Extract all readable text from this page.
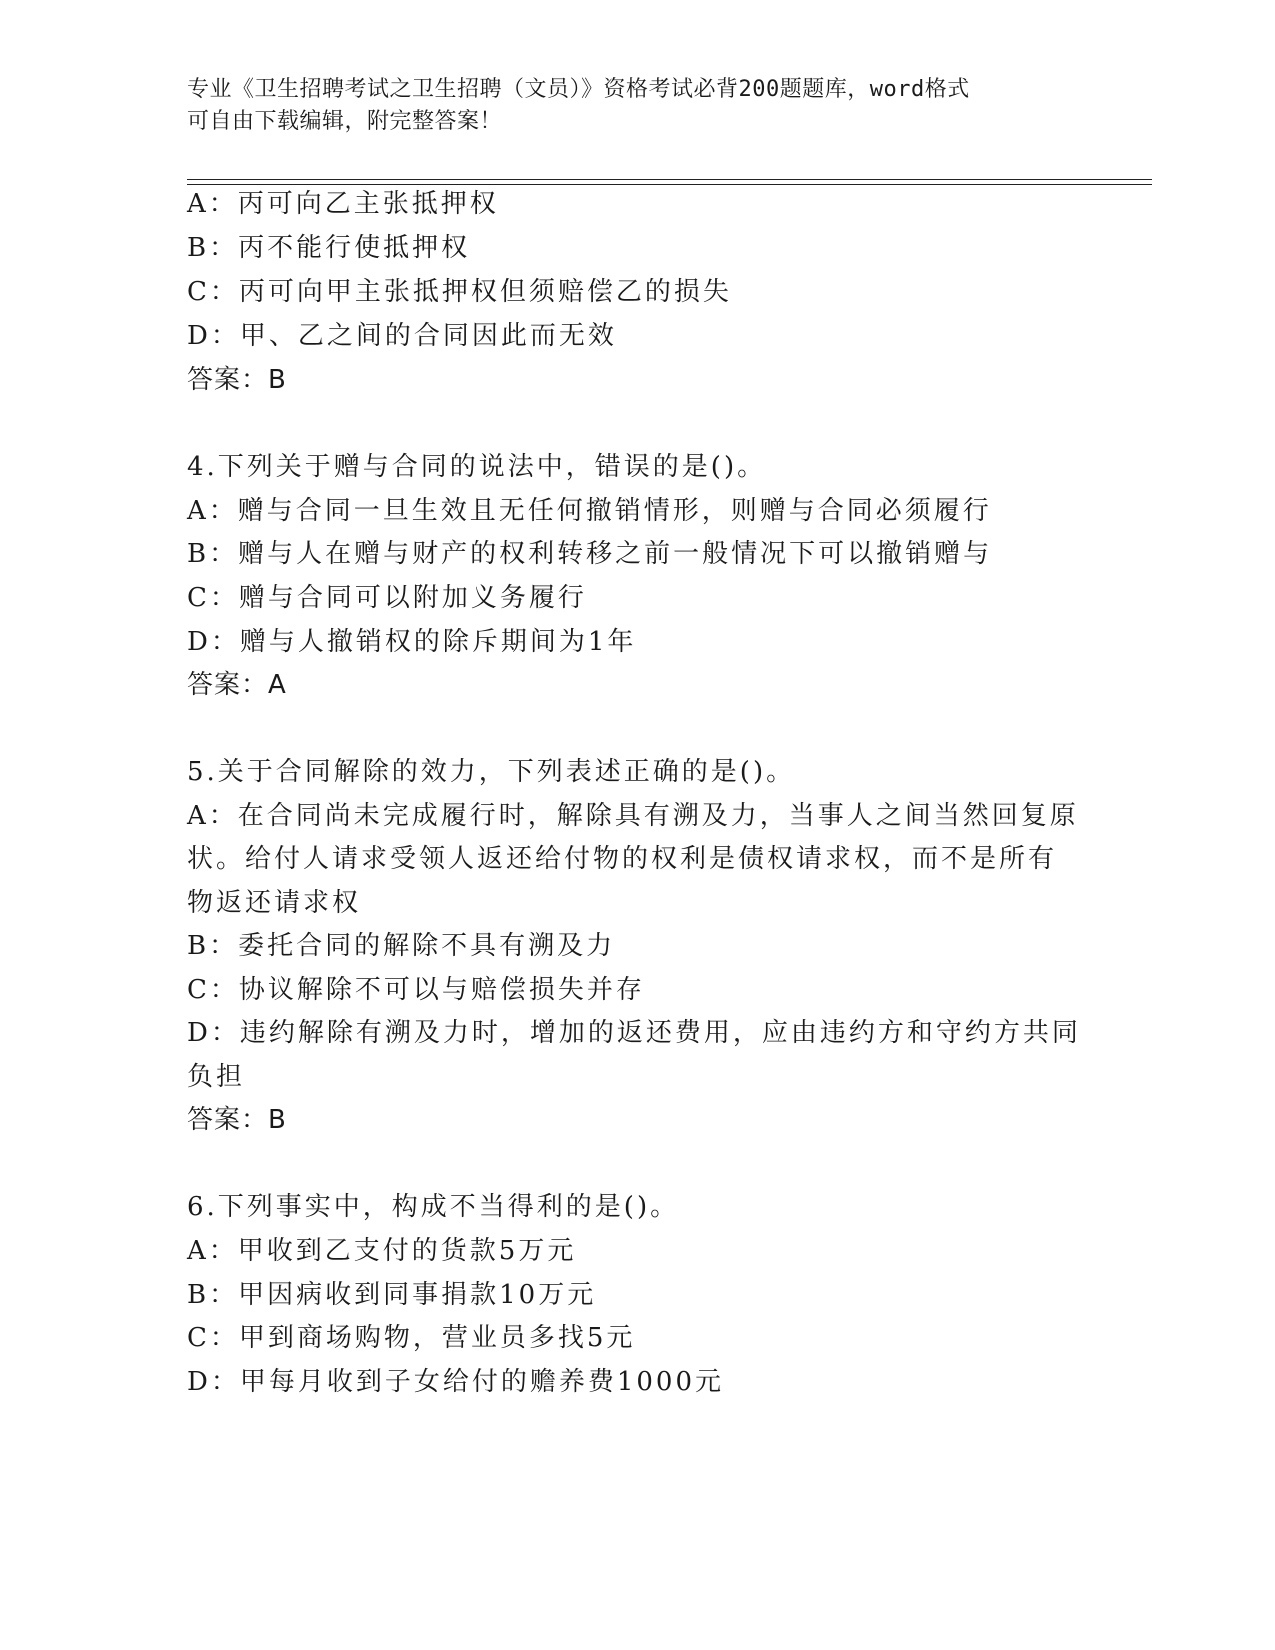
专业《卫生招聘考试之卫生招聘（文员）》资格考试必背200题题库，word格式
可自由下载编辑，附完整答案！
A：丙可向乙主张抵押权
B：丙不能行使抵押权
C：丙可向甲主张抵押权但须赔偿乙的损失
D：甲、乙之间的合同因此而无效
答案：B
4.下列关于赠与合同的说法中，错误的是()。
A：赠与合同一旦生效且无任何撤销情形，则赠与合同必须履行
B：赠与人在赠与财产的权利转移之前一般情况下可以撤销赠与
C：赠与合同可以附加义务履行
D：赠与人撤销权的除斥期间为1年
答案：A
5.关于合同解除的效力，下列表述正确的是()。
A：在合同尚未完成履行时，解除具有溯及力，当事人之间当然回复原
状。给付人请求受领人返还给付物的权利是债权请求权，而不是所有
物返还请求权
B：委托合同的解除不具有溯及力
C：协议解除不可以与赔偿损失并存
D：违约解除有溯及力时，增加的返还费用，应由违约方和守约方共同
负担
答案：B
6.下列事实中，构成不当得利的是()。
A：甲收到乙支付的货款5万元
B：甲因病收到同事捐款10万元
C：甲到商场购物，营业员多找5元
D：甲每月收到子女给付的赡养费1000元
